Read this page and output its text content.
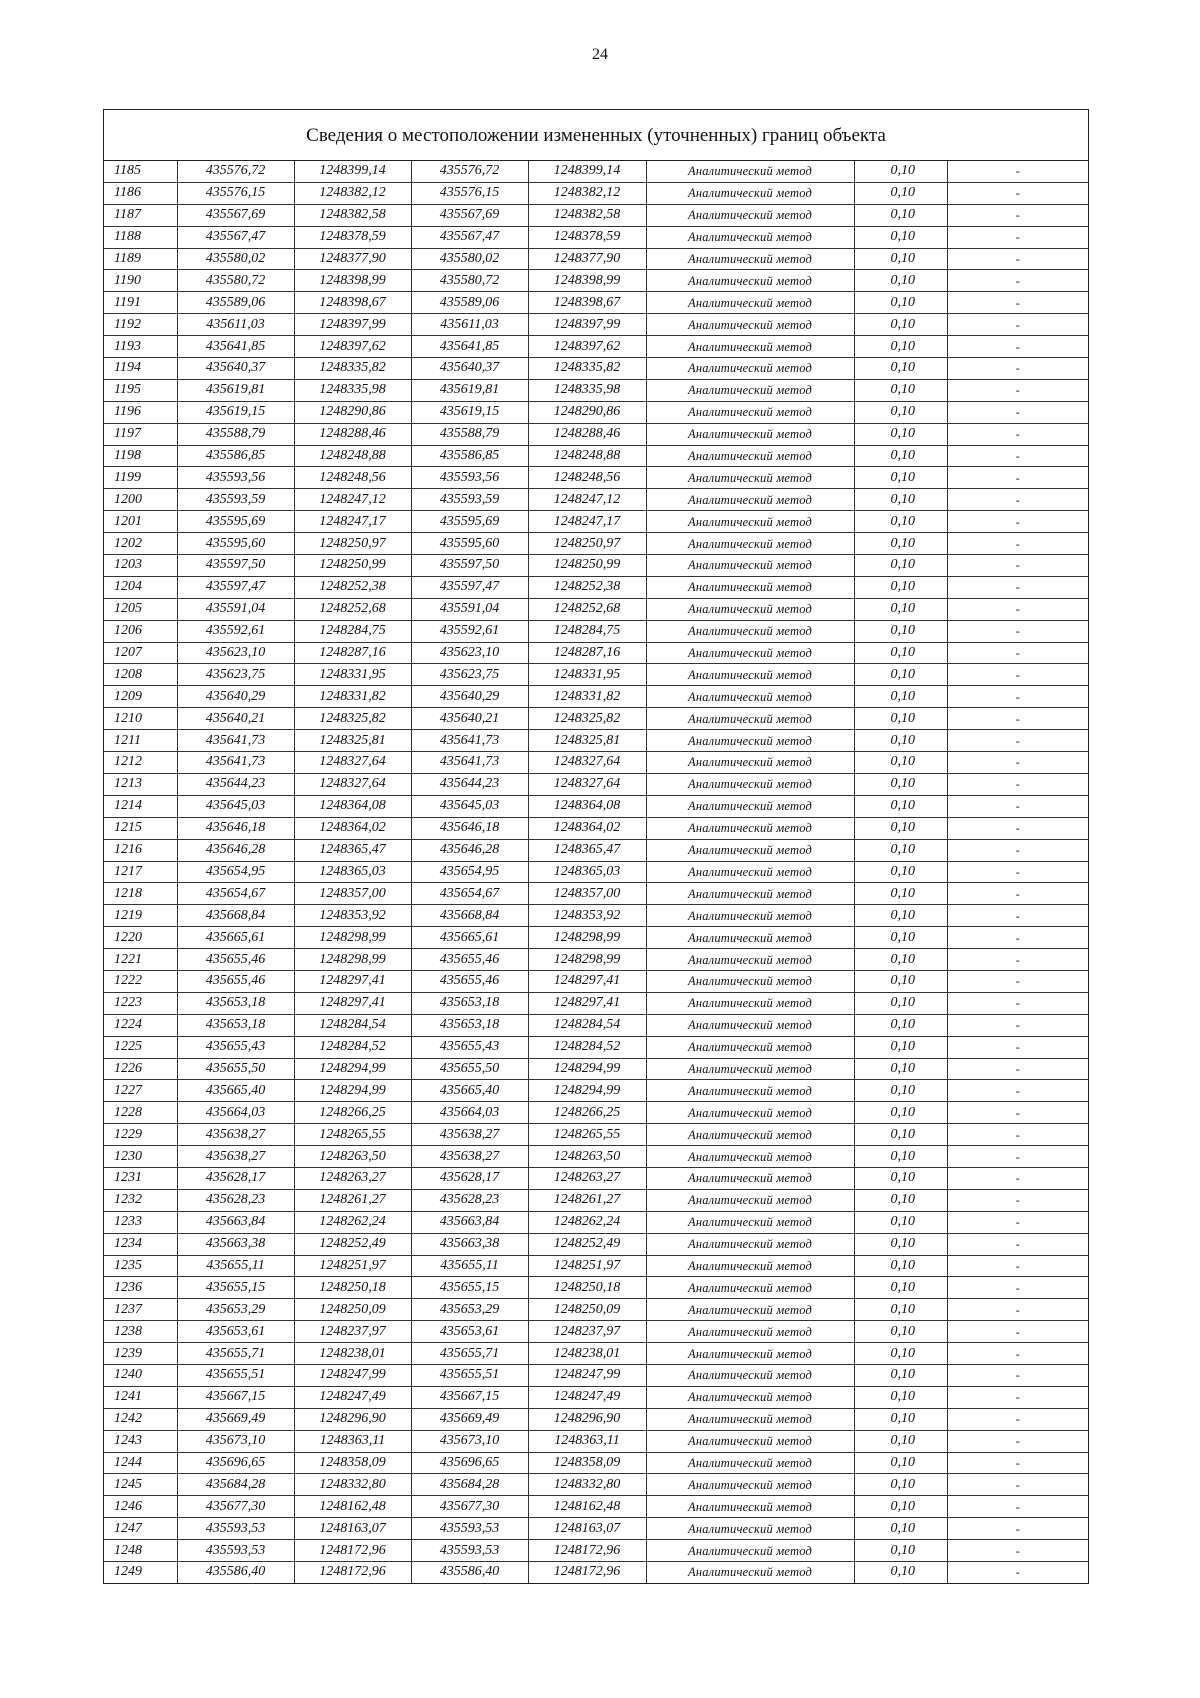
24
Сведения о местоположении измененных (уточненных) границ объекта
1185	435576,72	1248399,14	435576,72	1248399,14	Аналитический метод	0,10	-
1186	435576,15	1248382,12	435576,15	1248382,12	Аналитический метод	0,10	-
1187	435567,69	1248382,58	435567,69	1248382,58	Аналитический метод	0,10	-
1188	435567,47	1248378,59	435567,47	1248378,59	Аналитический метод	0,10	-
1189	435580,02	1248377,90	435580,02	1248377,90	Аналитический метод	0,10	-
1190	435580,72	1248398,99	435580,72	1248398,99	Аналитический метод	0,10	-
1191	435589,06	1248398,67	435589,06	1248398,67	Аналитический метод	0,10	-
1192	435611,03	1248397,99	435611,03	1248397,99	Аналитический метод	0,10	-
1193	435641,85	1248397,62	435641,85	1248397,62	Аналитический метод	0,10	-
1194	435640,37	1248335,82	435640,37	1248335,82	Аналитический метод	0,10	-
1195	435619,81	1248335,98	435619,81	1248335,98	Аналитический метод	0,10	-
1196	435619,15	1248290,86	435619,15	1248290,86	Аналитический метод	0,10	-
1197	435588,79	1248288,46	435588,79	1248288,46	Аналитический метод	0,10	-
1198	435586,85	1248248,88	435586,85	1248248,88	Аналитический метод	0,10	-
1199	435593,56	1248248,56	435593,56	1248248,56	Аналитический метод	0,10	-
1200	435593,59	1248247,12	435593,59	1248247,12	Аналитический метод	0,10	-
1201	435595,69	1248247,17	435595,69	1248247,17	Аналитический метод	0,10	-
1202	435595,60	1248250,97	435595,60	1248250,97	Аналитический метод	0,10	-
1203	435597,50	1248250,99	435597,50	1248250,99	Аналитический метод	0,10	-
1204	435597,47	1248252,38	435597,47	1248252,38	Аналитический метод	0,10	-
1205	435591,04	1248252,68	435591,04	1248252,68	Аналитический метод	0,10	-
1206	435592,61	1248284,75	435592,61	1248284,75	Аналитический метод	0,10	-
1207	435623,10	1248287,16	435623,10	1248287,16	Аналитический метод	0,10	-
1208	435623,75	1248331,95	435623,75	1248331,95	Аналитический метод	0,10	-
1209	435640,29	1248331,82	435640,29	1248331,82	Аналитический метод	0,10	-
1210	435640,21	1248325,82	435640,21	1248325,82	Аналитический метод	0,10	-
1211	435641,73	1248325,81	435641,73	1248325,81	Аналитический метод	0,10	-
1212	435641,73	1248327,64	435641,73	1248327,64	Аналитический метод	0,10	-
1213	435644,23	1248327,64	435644,23	1248327,64	Аналитический метод	0,10	-
1214	435645,03	1248364,08	435645,03	1248364,08	Аналитический метод	0,10	-
1215	435646,18	1248364,02	435646,18	1248364,02	Аналитический метод	0,10	-
1216	435646,28	1248365,47	435646,28	1248365,47	Аналитический метод	0,10	-
1217	435654,95	1248365,03	435654,95	1248365,03	Аналитический метод	0,10	-
1218	435654,67	1248357,00	435654,67	1248357,00	Аналитический метод	0,10	-
1219	435668,84	1248353,92	435668,84	1248353,92	Аналитический метод	0,10	-
1220	435665,61	1248298,99	435665,61	1248298,99	Аналитический метод	0,10	-
1221	435655,46	1248298,99	435655,46	1248298,99	Аналитический метод	0,10	-
1222	435655,46	1248297,41	435655,46	1248297,41	Аналитический метод	0,10	-
1223	435653,18	1248297,41	435653,18	1248297,41	Аналитический метод	0,10	-
1224	435653,18	1248284,54	435653,18	1248284,54	Аналитический метод	0,10	-
1225	435655,43	1248284,52	435655,43	1248284,52	Аналитический метод	0,10	-
1226	435655,50	1248294,99	435655,50	1248294,99	Аналитический метод	0,10	-
1227	435665,40	1248294,99	435665,40	1248294,99	Аналитический метод	0,10	-
1228	435664,03	1248266,25	435664,03	1248266,25	Аналитический метод	0,10	-
1229	435638,27	1248265,55	435638,27	1248265,55	Аналитический метод	0,10	-
1230	435638,27	1248263,50	435638,27	1248263,50	Аналитический метод	0,10	-
1231	435628,17	1248263,27	435628,17	1248263,27	Аналитический метод	0,10	-
1232	435628,23	1248261,27	435628,23	1248261,27	Аналитический метод	0,10	-
1233	435663,84	1248262,24	435663,84	1248262,24	Аналитический метод	0,10	-
1234	435663,38	1248252,49	435663,38	1248252,49	Аналитический метод	0,10	-
1235	435655,11	1248251,97	435655,11	1248251,97	Аналитический метод	0,10	-
1236	435655,15	1248250,18	435655,15	1248250,18	Аналитический метод	0,10	-
1237	435653,29	1248250,09	435653,29	1248250,09	Аналитический метод	0,10	-
1238	435653,61	1248237,97	435653,61	1248237,97	Аналитический метод	0,10	-
1239	435655,71	1248238,01	435655,71	1248238,01	Аналитический метод	0,10	-
1240	435655,51	1248247,99	435655,51	1248247,99	Аналитический метод	0,10	-
1241	435667,15	1248247,49	435667,15	1248247,49	Аналитический метод	0,10	-
1242	435669,49	1248296,90	435669,49	1248296,90	Аналитический метод	0,10	-
1243	435673,10	1248363,11	435673,10	1248363,11	Аналитический метод	0,10	-
1244	435696,65	1248358,09	435696,65	1248358,09	Аналитический метод	0,10	-
1245	435684,28	1248332,80	435684,28	1248332,80	Аналитический метод	0,10	-
1246	435677,30	1248162,48	435677,30	1248162,48	Аналитический метод	0,10	-
1247	435593,53	1248163,07	435593,53	1248163,07	Аналитический метод	0,10	-
1248	435593,53	1248172,96	435593,53	1248172,96	Аналитический метод	0,10	-
1249	435586,40	1248172,96	435586,40	1248172,96	Аналитический метод	0,10	-
